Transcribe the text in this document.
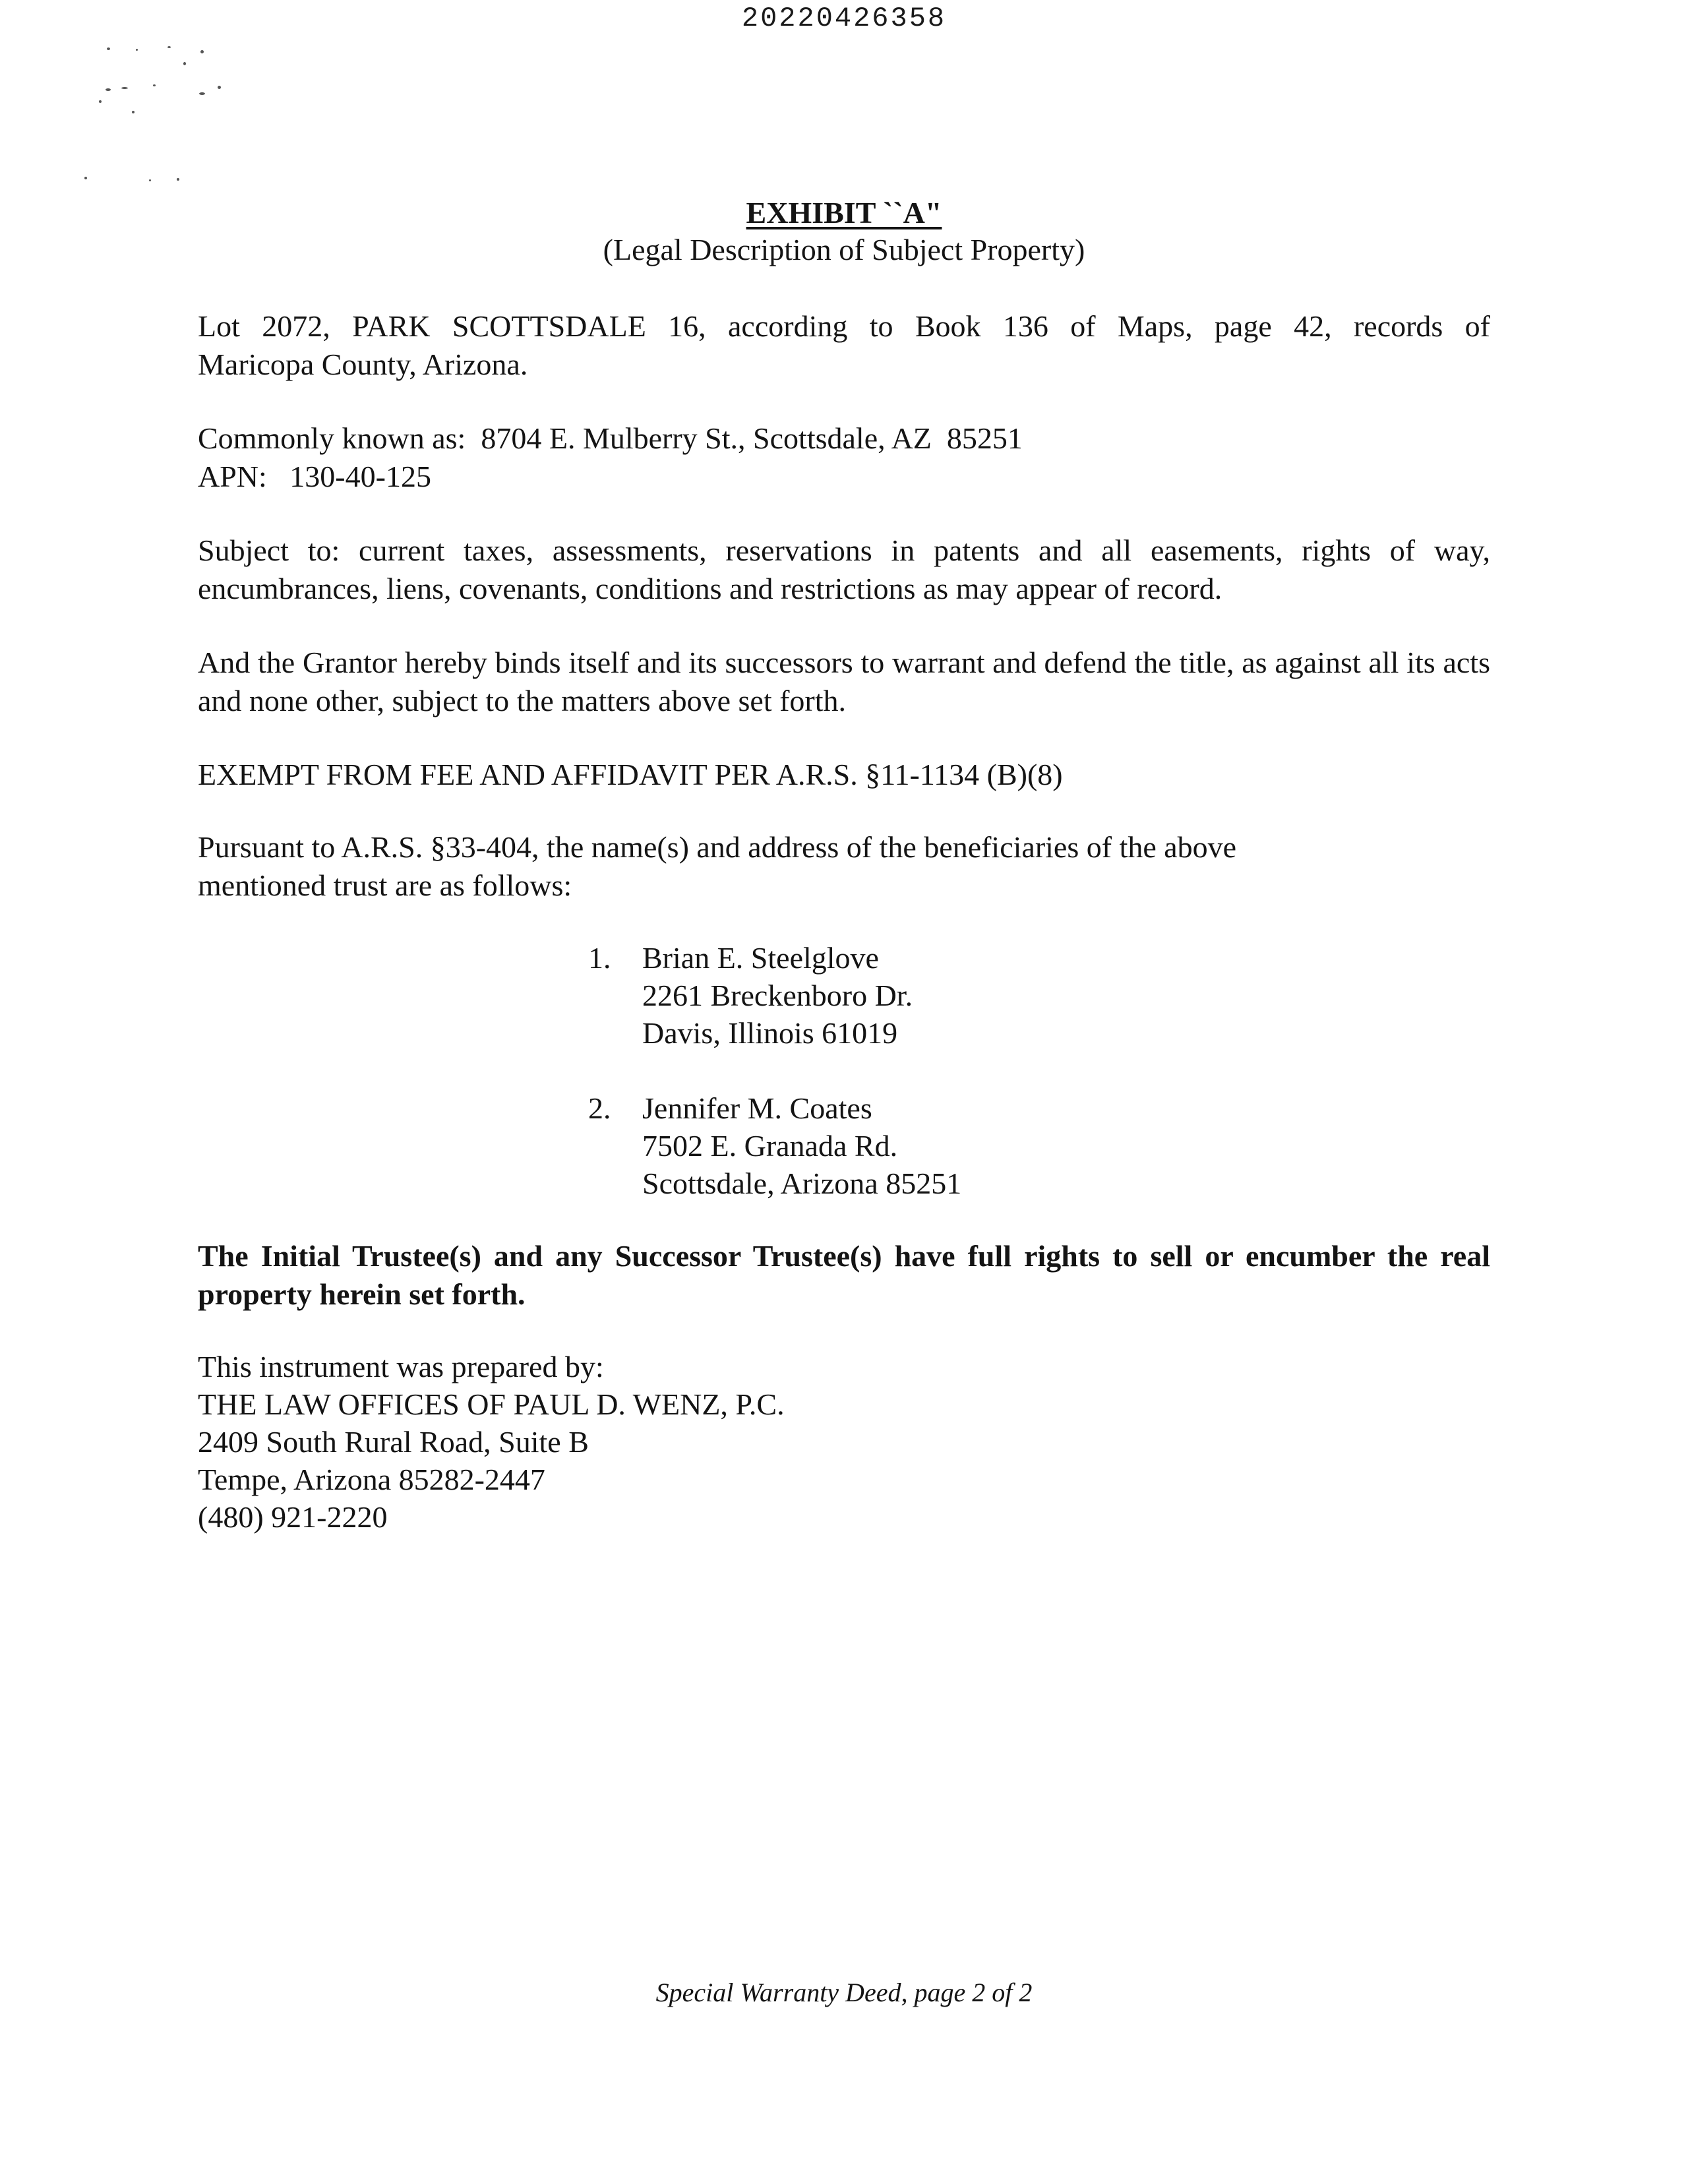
20220426358
EXHIBIT ``A"
(Legal Description of Subject Property)
Lot 2072, PARK SCOTTSDALE 16, according to Book 136 of Maps, page 42, records of
Maricopa County, Arizona.
Commonly known as:  8704 E. Mulberry St., Scottsdale, AZ  85251
APN:   130-40-125
Subject to: current taxes, assessments, reservations in patents and all easements, rights of way, encumbrances, liens, covenants, conditions and restrictions as may appear of record.
And the Grantor hereby binds itself and its successors to warrant and defend the title, as against all its acts and none other, subject to the matters above set forth.
EXEMPT FROM FEE AND AFFIDAVIT PER A.R.S. §11-1134 (B)(8)
Pursuant to A.R.S. §33-404, the name(s) and address of the beneficiaries of the above
mentioned trust are as follows:
1. Brian E. Steelglove
2261 Breckenboro Dr.
Davis, Illinois 61019
2. Jennifer M. Coates
7502 E. Granada Rd.
Scottsdale, Arizona 85251
The Initial Trustee(s) and any Successor Trustee(s) have full rights to sell or encumber the real property herein set forth.
This instrument was prepared by:
THE LAW OFFICES OF PAUL D. WENZ, P.C.
2409 South Rural Road, Suite B
Tempe, Arizona 85282-2447
(480) 921-2220
Special Warranty Deed, page 2 of 2
